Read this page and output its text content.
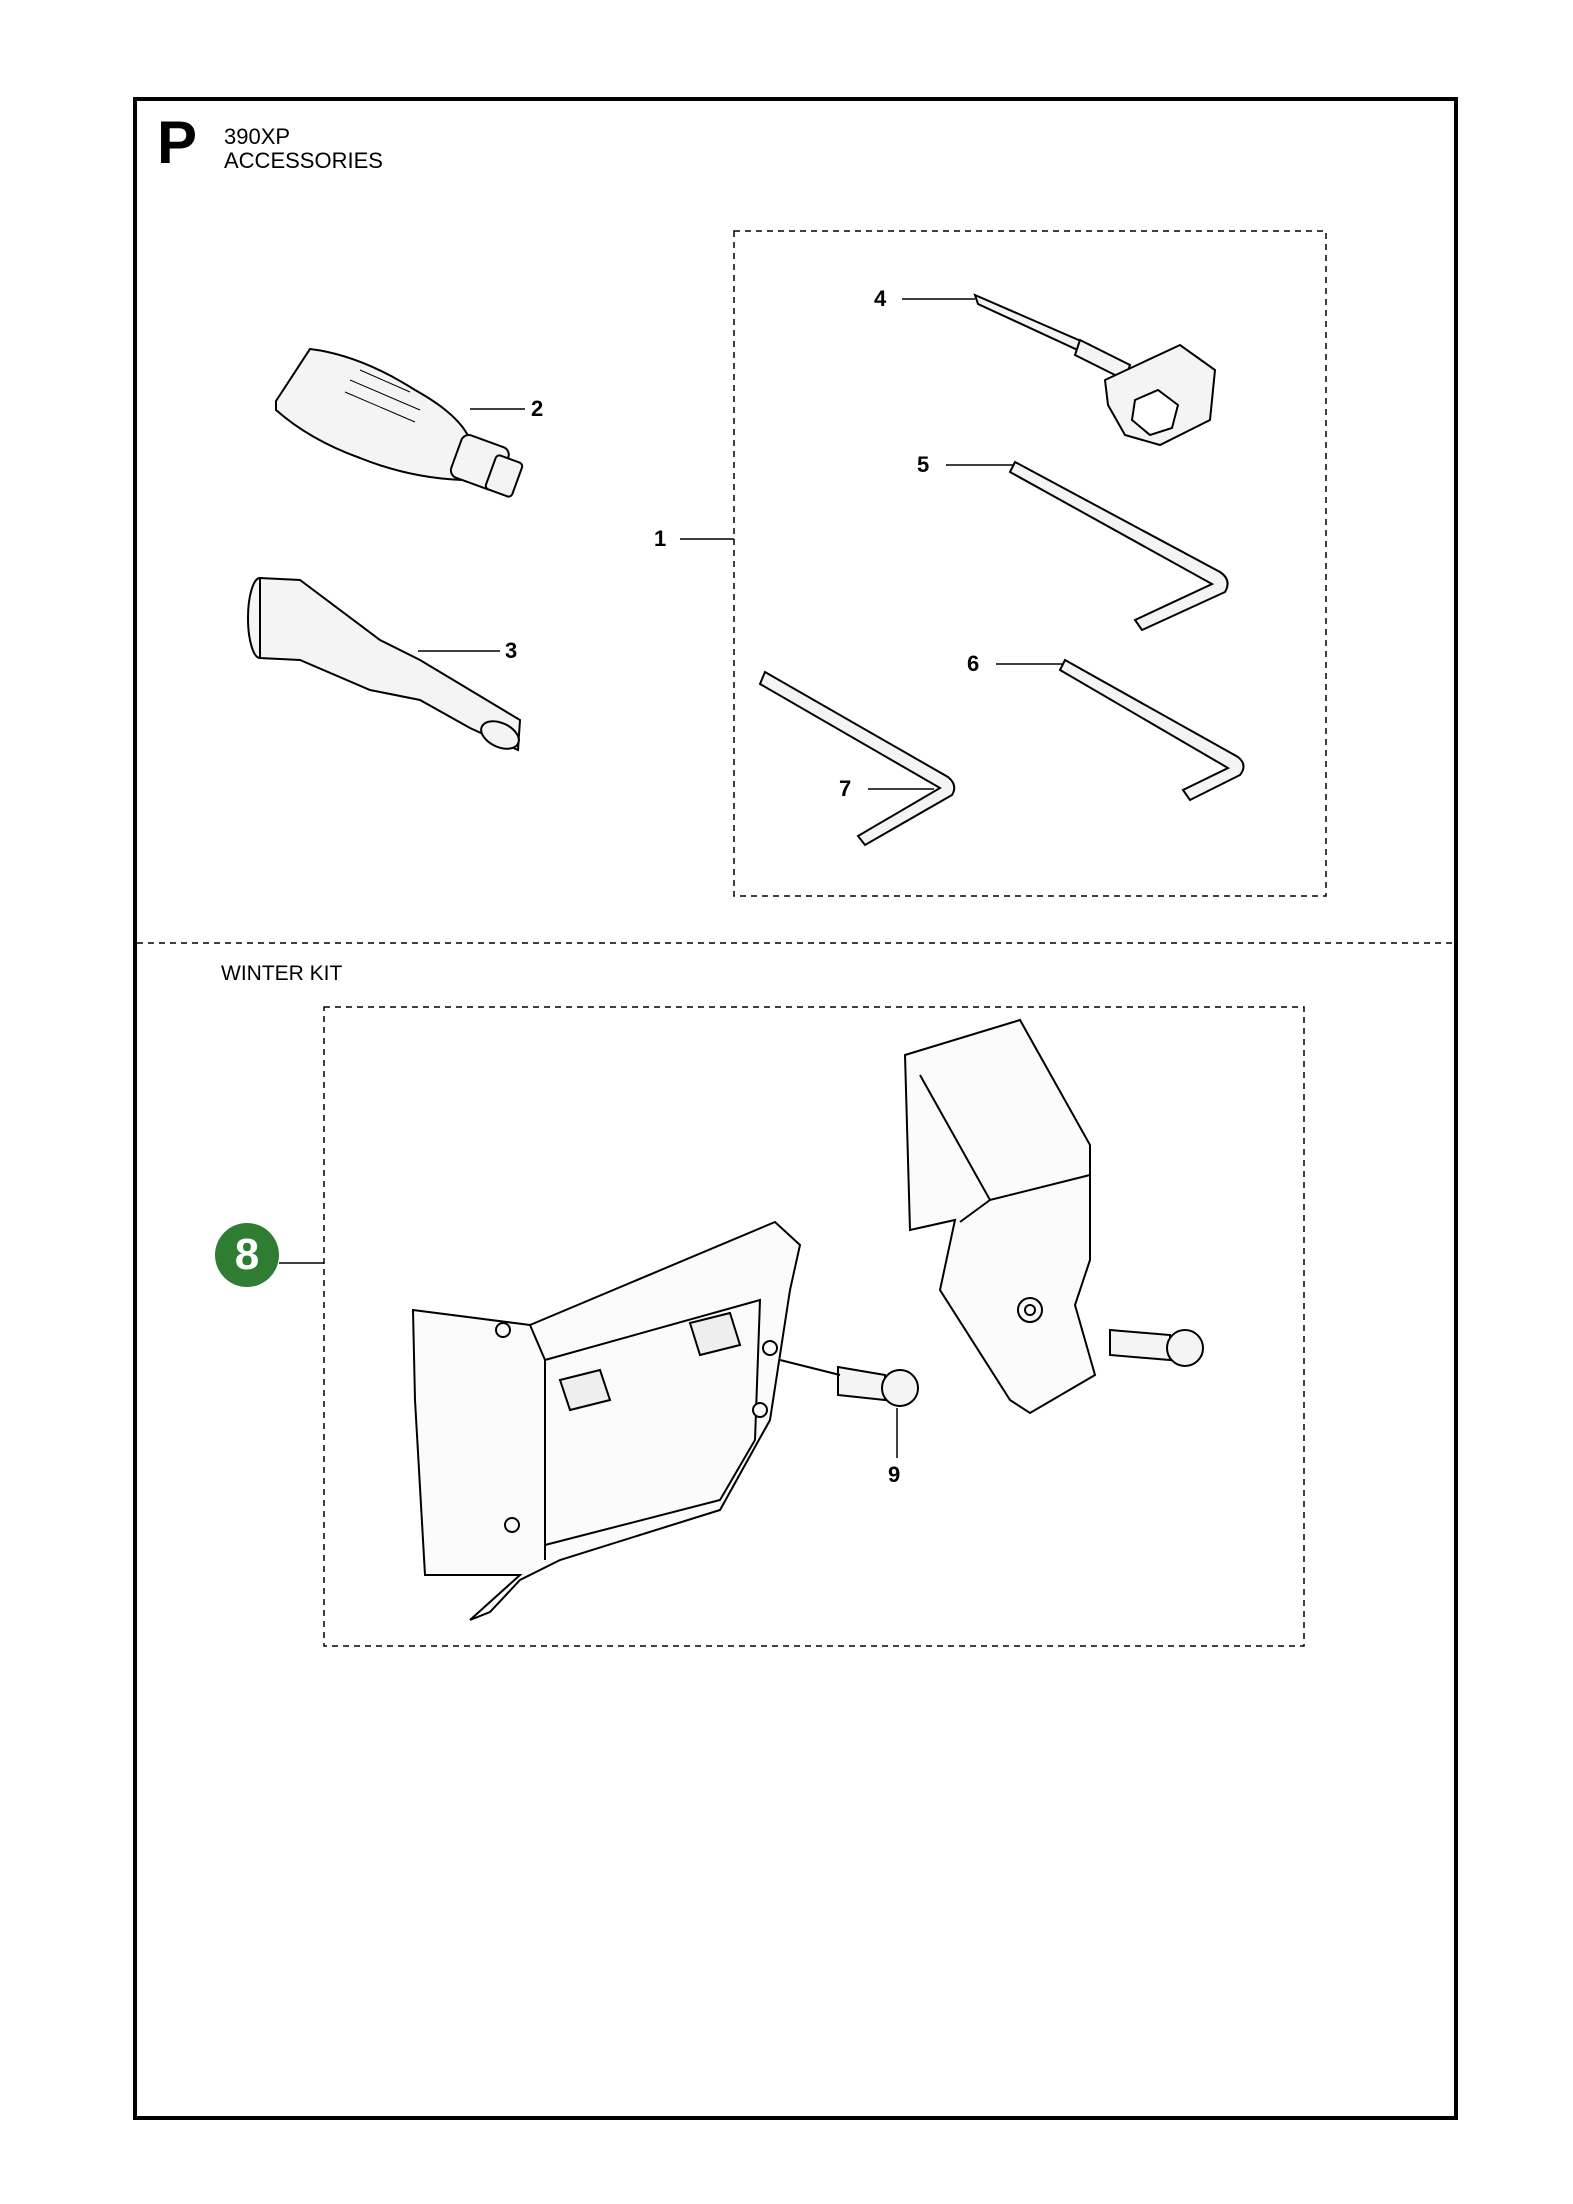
P 390XP
ACCESSORIES
WINTER KIT
1
2
3
4
5
6
7
9
8
